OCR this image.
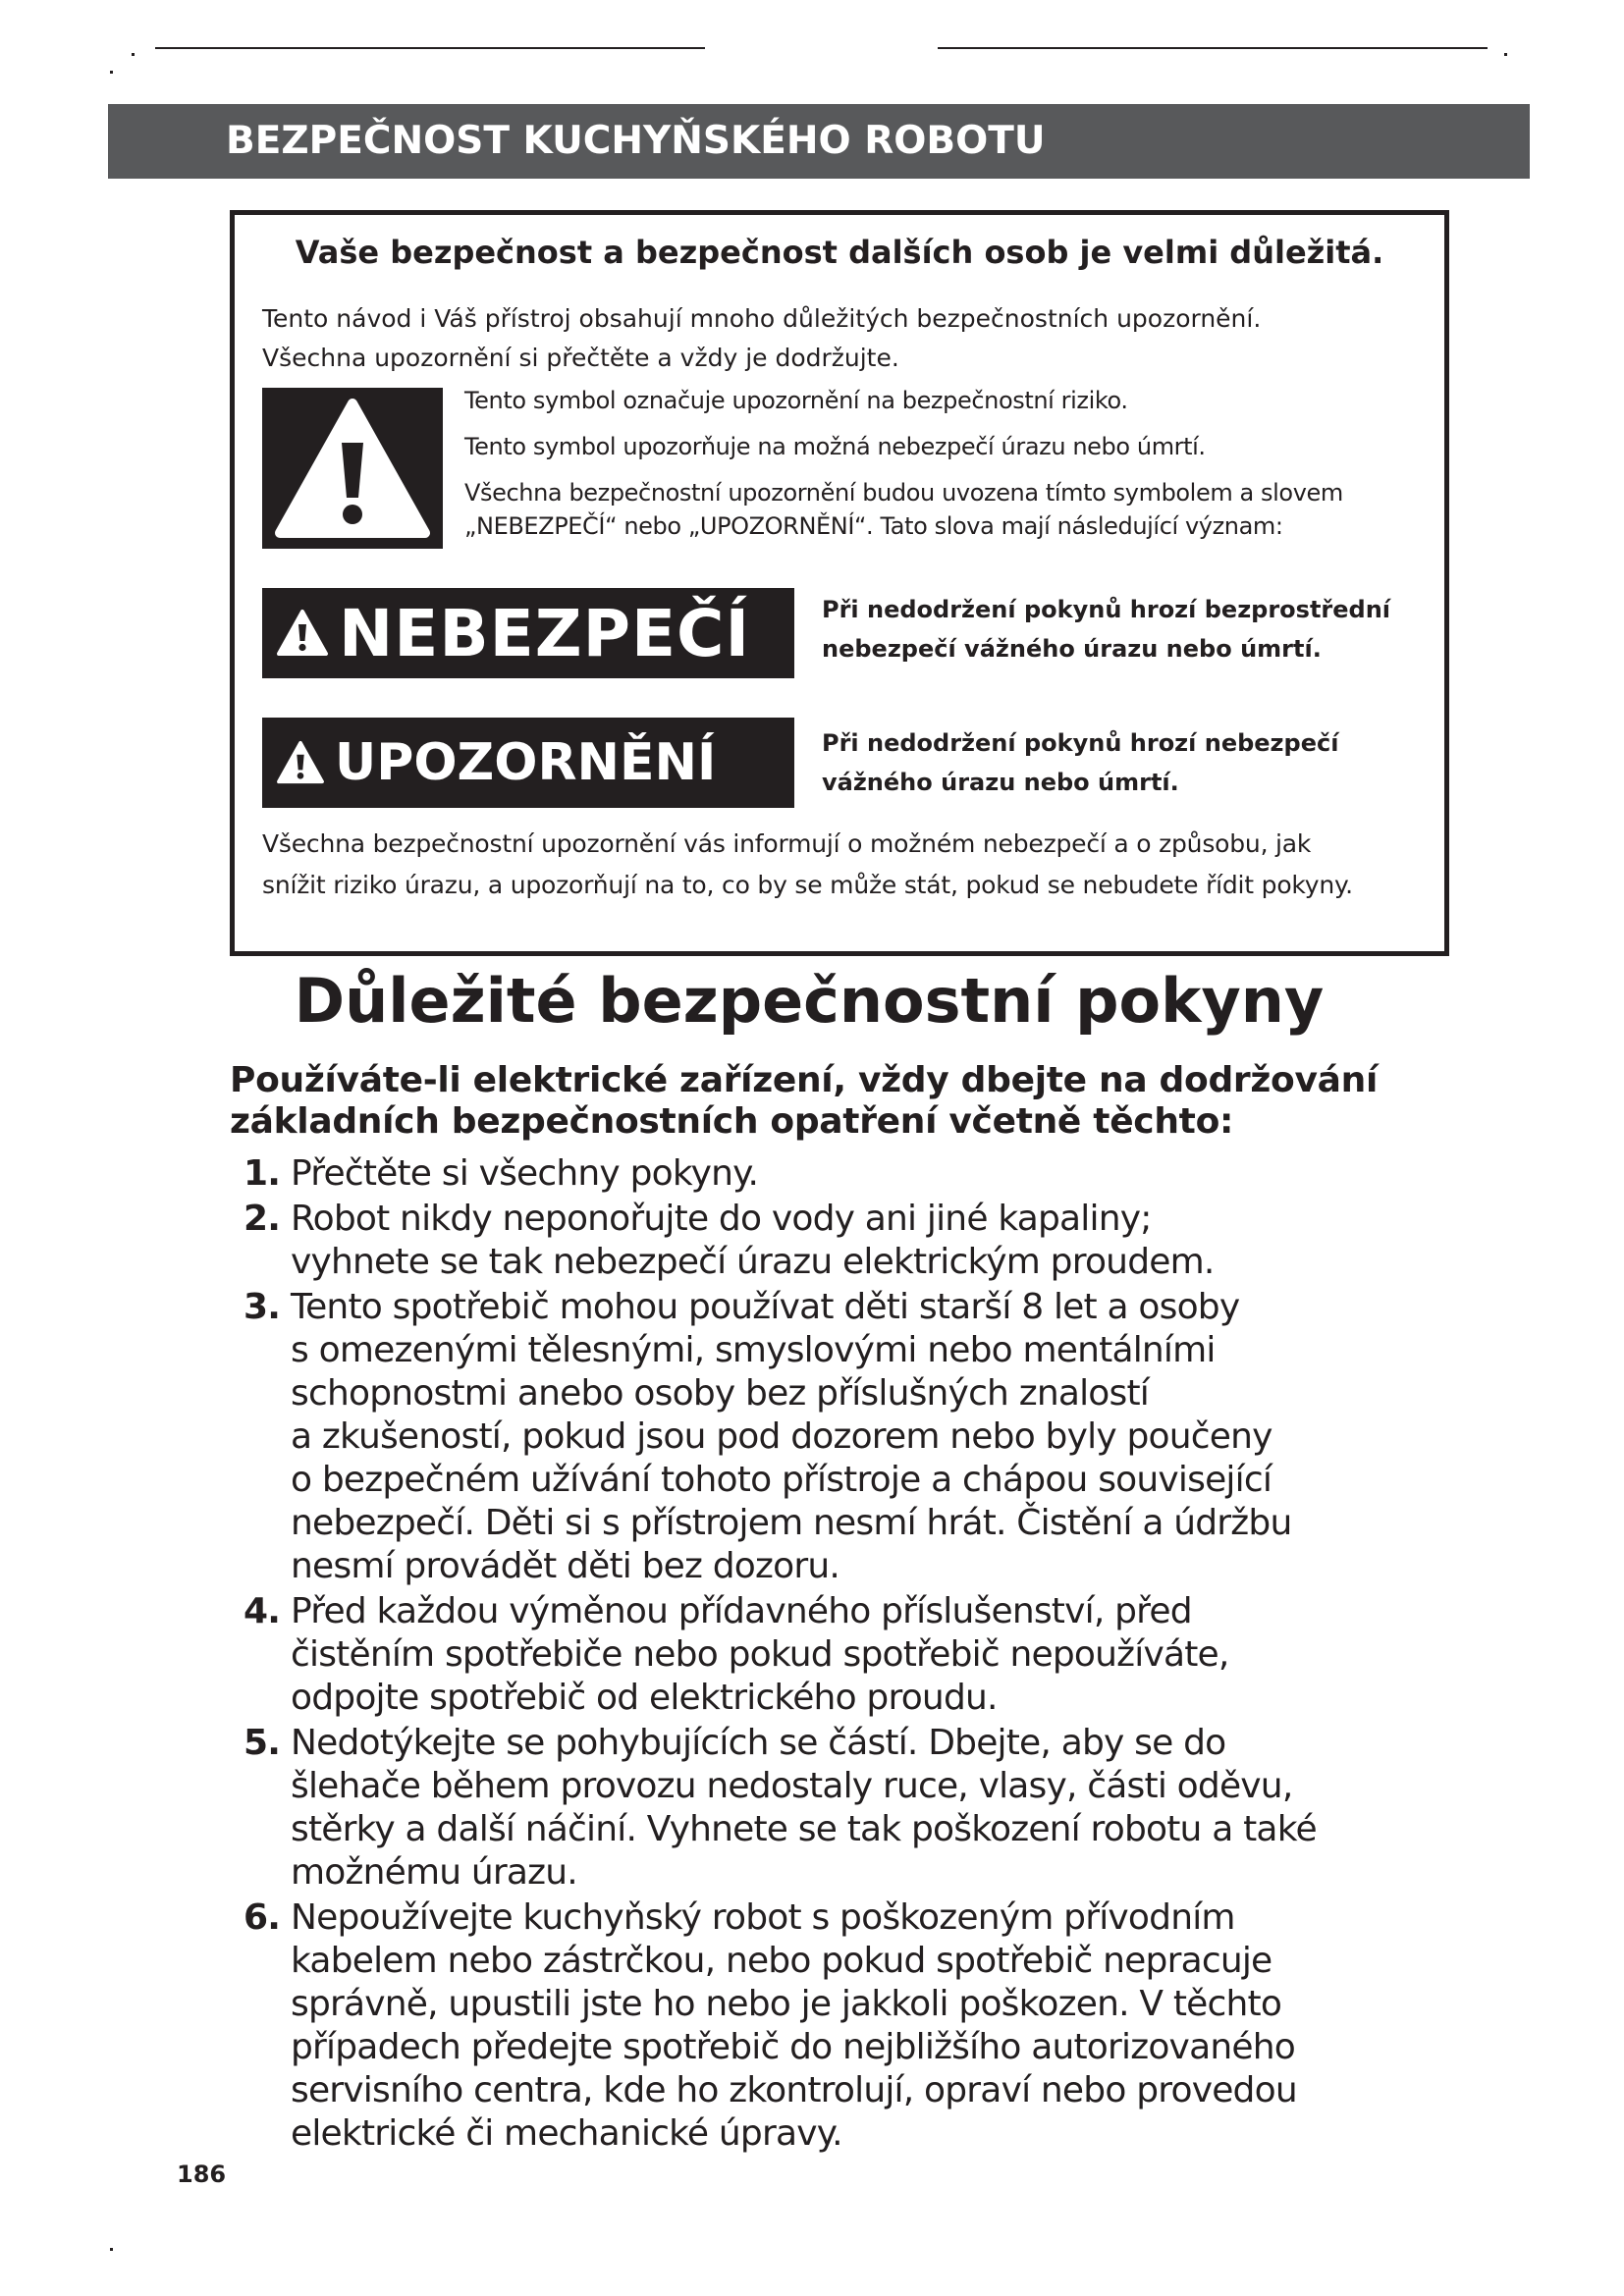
BEZPEČNOST KUCHYŇSKÉHO ROBOTU
Vaše bezpečnost a bezpečnost dalších osob je velmi důležitá.
Tento návod i Váš přístroj obsahují mnoho důležitých bezpečnostních upozornění.
Všechna upozornění si přečtěte a vždy je dodržujte.

Tento symbol označuje upozornění na bezpečnostní riziko.

Tento symbol upozorňuje na možná nebezpečí úrazu nebo úmrtí.

Všechna bezpečnostní upozornění budou uvozena tímto symbolem a slovem

„NEBEZPEČÍ“ nebo „UPOZORNĚNÍ“. Tato slova mají následující význam:

NEBEZPEČÍ	Při nedodržení pokynů hrozí bezprostřední
nebezpečí vážného úrazu nebo úmrtí.
UPOZORNĚNÍ	Při nedodržení pokynů hrozí nebezpečí
vážného úrazu nebo úmrtí.
Všechna bezpečnostní upozornění vás informují o možném nebezpečí a o způsobu, jak
snížit riziko úrazu, a upozorňují na to, co by se může stát, pokud se nebudete řídit pokyny.
Důležité bezpečnostní pokyny
Používáte-li elektrické zařízení, vždy dbejte na dodržování
základních bezpečnostních opatření včetně těchto:
1. Přečtěte si všechny pokyny.
2. Robot nikdy neponořujte do vody ani jiné kapaliny;
vyhnete se tak nebezpečí úrazu elektrickým proudem.
3. Tento spotřebič mohou používat děti starší 8 let a osoby
s omezenými tělesnými, smyslovými nebo mentálními
schopnostmi anebo osoby bez příslušných znalostí
a zkušeností, pokud jsou pod dozorem nebo byly poučeny
o bezpečném užívání tohoto přístroje a chápou související
nebezpečí. Děti si s přístrojem nesmí hrát. Čistění a údržbu
nesmí provádět děti bez dozoru.
4. Před každou výměnou přídavného příslušenství, před
čistěním spotřebiče nebo pokud spotřebič nepoužíváte,
odpojte spotřebič od elektrického proudu.
5. Nedotýkejte se pohybujících se částí. Dbejte, aby se do
šlehače během provozu nedostaly ruce, vlasy, části oděvu,
stěrky a další náčiní. Vyhnete se tak poškození robotu a také
možnému úrazu.
6. Nepoužívejte kuchyňský robot s poškozeným přívodním
kabelem nebo zástrčkou, nebo pokud spotřebič nepracuje
správně, upustili jste ho nebo je jakkoli poškozen. V těchto
případech předejte spotřebič do nejbližšího autorizovaného
servisního centra, kde ho zkontrolují, opraví nebo provedou
elektrické či mechanické úpravy.
186
